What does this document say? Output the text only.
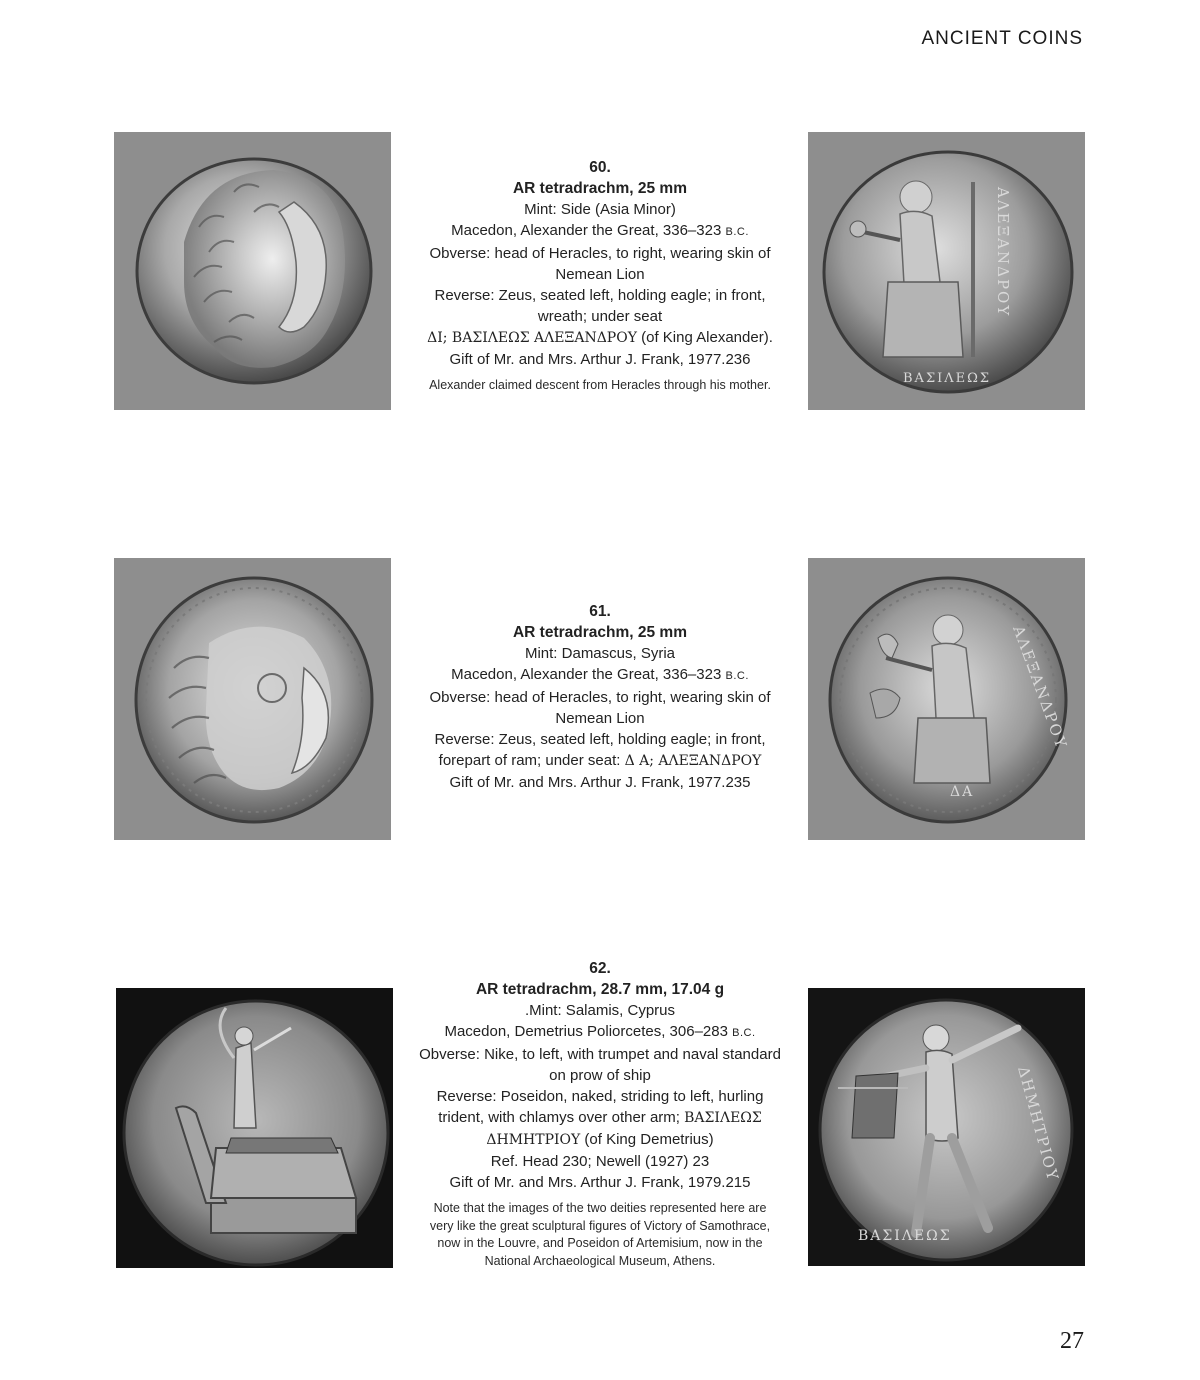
ANCIENT COINS
60.
AR tetradrachm, 25 mm
Mint: Side (Asia Minor)
Macedon, Alexander the Great, 336–323 B.C.
Obverse: head of Heracles, to right, wearing skin of
Nemean Lion
Reverse: Zeus, seated left, holding eagle; in front,
wreath; under seat
ΔΙ; ΒΑΣΙΛΕΩΣ ΑΛΕΞΑΝΔΡΟΥ (of King Alexander).
Gift of Mr. and Mrs. Arthur J. Frank, 1977.236
Alexander claimed descent from Heracles through his mother.
ΑΛΕΞΑΝΔΡΟΥ
ΒΑΣΙΛΕΩΣ
61.
AR tetradrachm, 25 mm
Mint: Damascus, Syria
Macedon, Alexander the Great, 336–323 B.C.
Obverse: head of Heracles, to right, wearing skin of
Nemean Lion
Reverse: Zeus, seated left, holding eagle; in front,
forepart of ram; under seat: Δ Α; ΑΛΕΞΑΝΔΡΟΥ
Gift of Mr. and Mrs. Arthur J. Frank, 1977.235
ΑΛΕΞΑΝΔΡΟΥ
ΔΑ
62.
AR tetradrachm, 28.7 mm, 17.04 g
.Mint: Salamis, Cyprus
Macedon, Demetrius Poliorcetes, 306–283 B.C.
Obverse: Nike, to left, with trumpet and naval standard
on prow of ship
Reverse: Poseidon, naked, striding to left, hurling
trident, with chlamys over other arm; ΒΑΣΙΛΕΩΣ
ΔΗΜΗΤΡΙΟΥ (of King Demetrius)
Ref. Head 230; Newell (1927) 23
Gift of Mr. and Mrs. Arthur J. Frank, 1979.215
Note that the images of the two deities represented here are
very like the great sculptural figures of Victory of Samothrace,
now in the Louvre, and Poseidon of Artemisium, now in the
National Archaeological Museum, Athens.
ΔΗΜΗΤΡΙΟΥ
ΒΑΣΙΛΕΩΣ
27
